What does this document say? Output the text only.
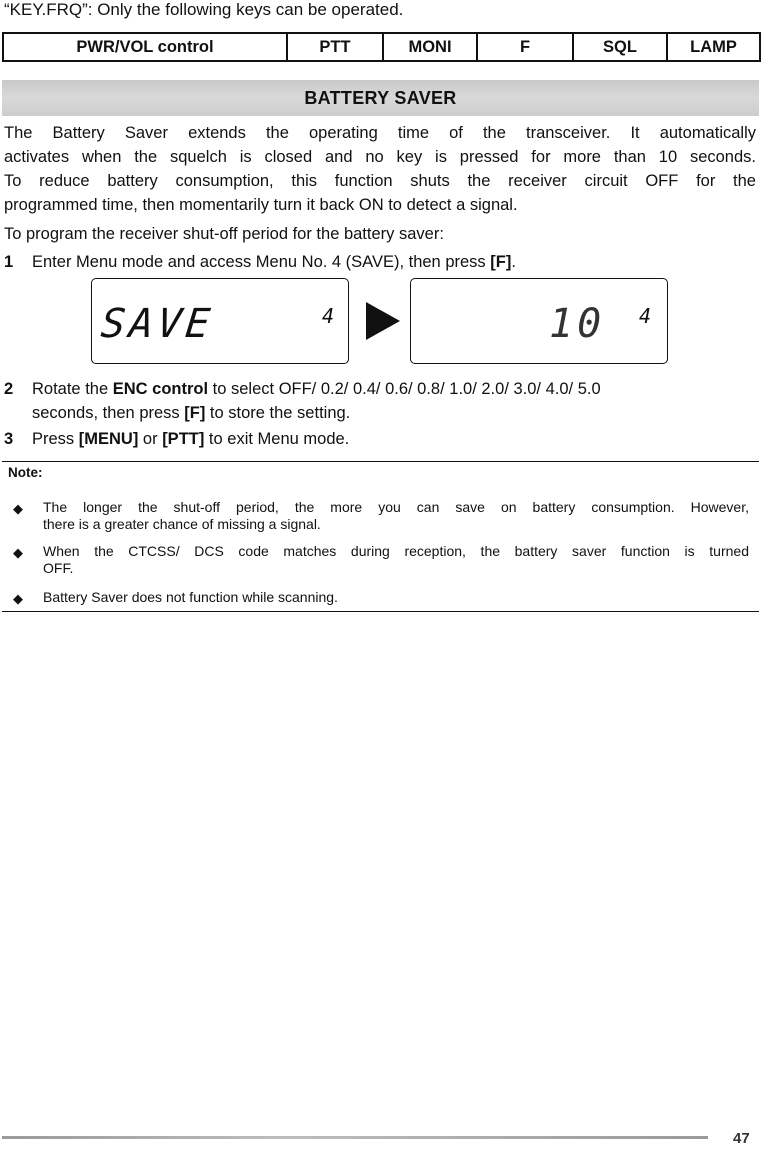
“KEY.FRQ”: Only the following keys can be operated.
PWR/VOL control	PTT	MONI	F	SQL	LAMP
BATTERY SAVER
The Battery Saver extends the operating time of the transceiver. It automatically
activates when the squelch is closed and no key is pressed for more than 10 seconds.
To reduce battery consumption, this function shuts the receiver circuit OFF for the
programmed time, then momentarily turn it back ON to detect a signal.
To program the receiver shut-off period for the battery saver:
1 Enter Menu mode and access Menu No. 4 (SAVE), then press [F].
SAVE	4	10 4
2 Rotate the ENC control to select OFF/ 0.2/ 0.4/ 0.6/ 0.8/ 1.0/ 2.0/ 3.0/ 4.0/ 5.0
seconds, then press [F] to store the setting.
3 Press [MENU] or [PTT] to exit Menu mode.
Note:
◆ The longer the shut-off period, the more you can save on battery consumption. However,
there is a greater chance of missing a signal.
◆ When the CTCSS/ DCS code matches during reception, the battery saver function is turned
OFF.
◆ Battery Saver does not function while scanning.
47
